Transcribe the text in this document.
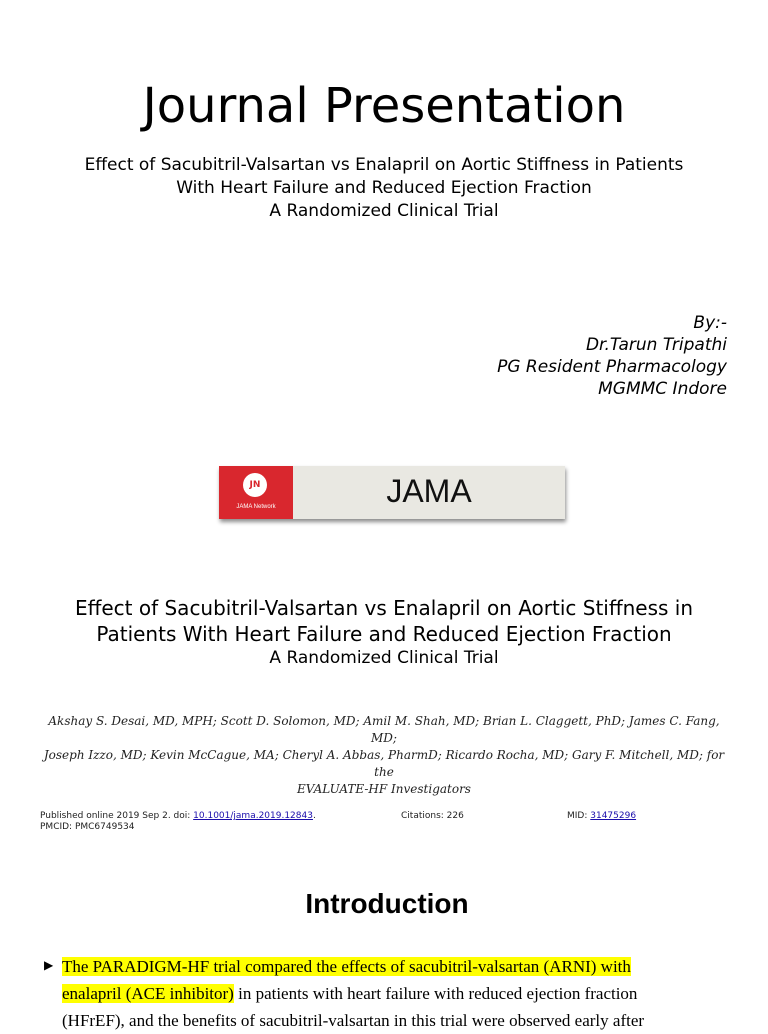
Journal Presentation
Effect of Sacubitril-Valsartan vs Enalapril on Aortic Stiffness in Patients
With Heart Failure and Reduced Ejection Fraction
A Randomized Clinical Trial
By:-
Dr.Tarun Tripathi
PG Resident Pharmacology
MGMMC Indore
JN
JAMA Network	JAMA
Effect of Sacubitril-Valsartan vs Enalapril on Aortic Stiffness in
Patients With Heart Failure and Reduced Ejection Fraction
A Randomized Clinical Trial
Akshay S. Desai, MD, MPH; Scott D. Solomon, MD; Amil M. Shah, MD; Brian L. Claggett, PhD; James C. Fang, MD;
Joseph Izzo, MD; Kevin McCague, MA; Cheryl A. Abbas, PharmD; Ricardo Rocha, MD; Gary F. Mitchell, MD; for the
EVALUATE-HF Investigators
Published online 2019 Sep 2. doi: 10.1001/jama.2019.12843.
PMCID: PMC6749534
Citations: 226	MID: 31475296
Introduction
▶ The PARADIGM-HF trial compared the effects of sacubitril-valsartan (ARNI) with
enalapril (ACE inhibitor) in patients with heart failure with reduced ejection fraction
(HFrEF), and the benefits of sacubitril-valsartan in this trial were observed early after
